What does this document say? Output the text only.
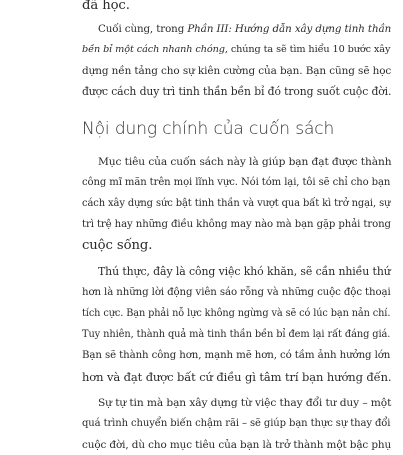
đã học.
Cuối cùng, trong Phần III: Hướng dẫn xây dựng tinh thần
bền bỉ một cách nhanh chóng, chúng ta sẽ tìm hiểu 10 bước xây
dựng nền tảng cho sự kiên cường của bạn. Bạn cũng sẽ học
được cách duy trì tinh thần bền bỉ đó trong suốt cuộc đời.
Nội dung chính của cuốn sách
Mục tiêu của cuốn sách này là giúp bạn đạt được thành
công mĩ mãn trên mọi lĩnh vực. Nói tóm lại, tôi sẽ chỉ cho bạn
cách xây dựng sức bật tinh thần và vượt qua bất kì trở ngại, sự
trì trệ hay những điều không may nào mà bạn gặp phải trong
cuộc sống.
Thú thực, đây là công việc khó khăn, sẽ cần nhiều thứ
hơn là những lời động viên sáo rỗng và những cuộc độc thoại
tích cực. Bạn phải nỗ lực không ngừng và sẽ có lúc bạn nản chí.
Tuy nhiên, thành quả mà tinh thần bền bỉ đem lại rất đáng giá.
Bạn sẽ thành công hơn, mạnh mẽ hơn, có tầm ảnh hưởng lớn
hơn và đạt được bất cứ điều gì tâm trí bạn hướng đến.
Sự tự tin mà bạn xây dựng từ việc thay đổi tư duy – một
quá trình chuyển biến chậm rãi – sẽ giúp bạn thực sự thay đổi
cuộc đời, dù cho mục tiêu của bạn là trở thành một bậc phụ
